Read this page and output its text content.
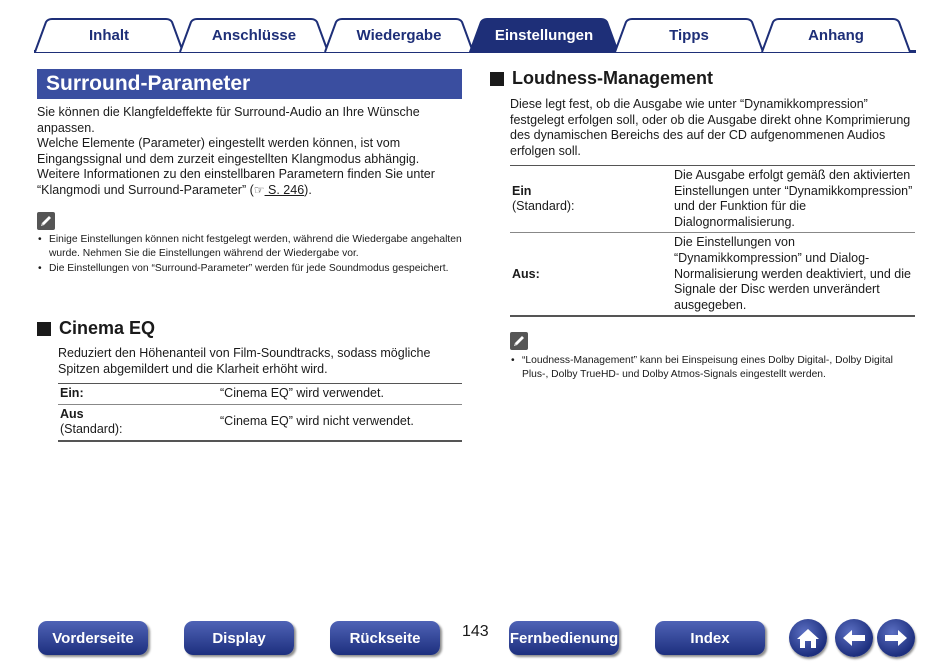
Inhalt	Anschlüsse	Wiedergabe	Einstellungen	Tipps	Anhang
Surround-Parameter

Sie können die Klangfeldeffekte für Surround-Audio an Ihre Wünsche anpassen.

Welche Elemente (Parameter) eingestellt werden können, ist vom Eingangssignal und dem zurzeit eingestellten Klangmodus abhängig. Weitere Informationen zu den einstellbaren Parametern finden Sie unter “Klangmodi und Surround-Parameter” (☞ S. 246).

• Einige Einstellungen können nicht festgelegt werden, während die Wiedergabe angehalten wurde. Nehmen Sie die Einstellungen während der Wiedergabe vor.
• Die Einstellungen von “Surround-Parameter” werden für jede Soundmodus gespeichert.
Cinema EQ
Reduziert den Höhenanteil von Film-Soundtracks, sodass mögliche Spitzen abgemildert und die Klarheit erhöht wird.
Ein:	“Cinema EQ” wird verwendet.
Aus
(Standard):	“Cinema EQ” wird nicht verwendet.
Loudness-Management
Diese legt fest, ob die Ausgabe wie unter “Dynamikkompression” festgelegt erfolgen soll, oder ob die Ausgabe direkt ohne Komprimierung des dynamischen Bereichs des auf der CD aufgenommenen Audios erfolgen soll.
Ein
(Standard):	Die Ausgabe erfolgt gemäß den aktivierten Einstellungen unter “Dynamikkompression” und der Funktion für die Dialognormalisierung.
Aus:	Die Einstellungen von “Dynamikkompression” und Dialog-Normalisierung werden deaktiviert, und die Signale der Disc werden unverändert ausgegeben.
• “Loudness-Management” kann bei Einspeisung eines Dolby Digital-, Dolby Digital Plus-, Dolby TrueHD- und Dolby Atmos-Signals eingestellt werden.
Vorderseite	Display	Rückseite	143 Fernbedienung	Index
